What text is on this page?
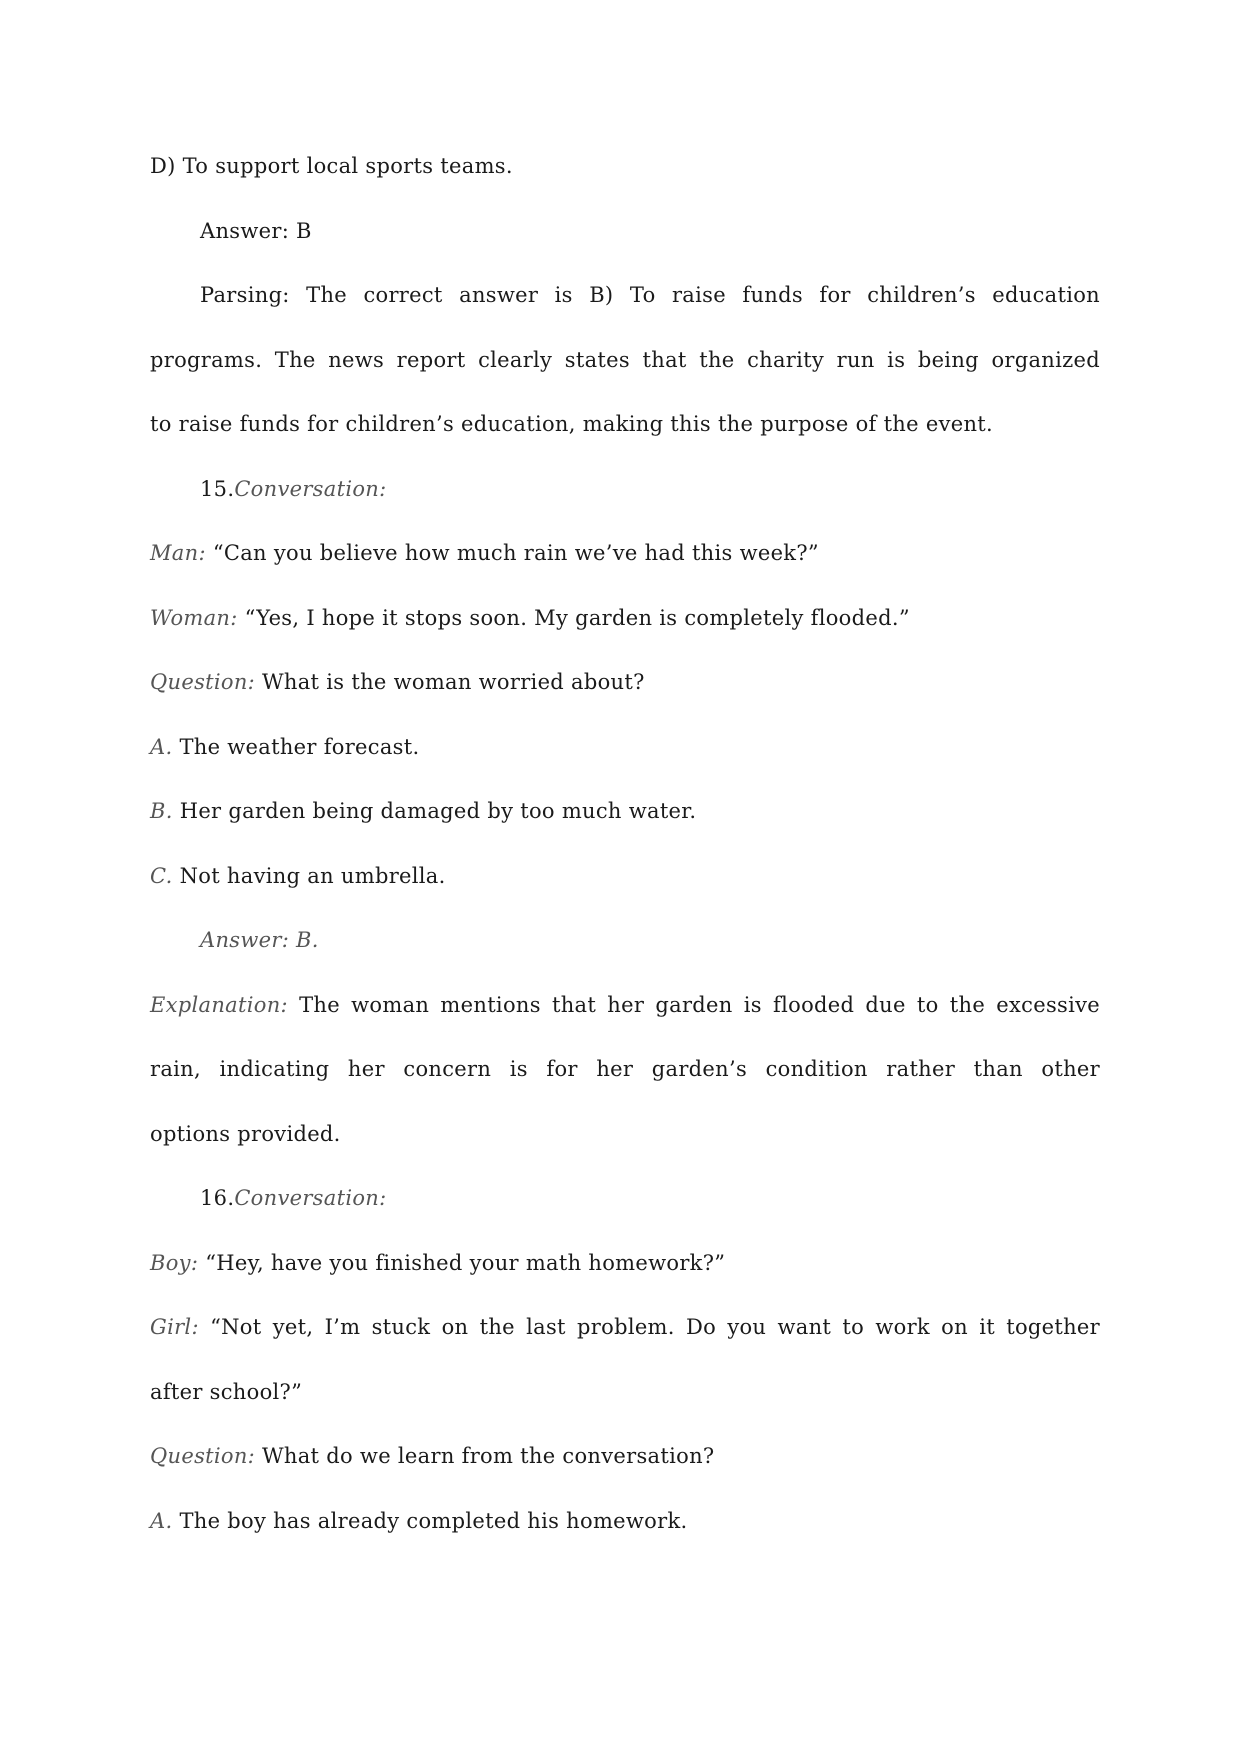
D) To support local sports teams.
Answer: B
Parsing: The correct answer is B) To raise funds for children’s education
programs. The news report clearly states that the charity run is being organized
to raise funds for children’s education, making this the purpose of the event.
15.Conversation:
Man: “Can you believe how much rain we’ve had this week?”
Woman: “Yes, I hope it stops soon. My garden is completely flooded.”
Question: What is the woman worried about?
A. The weather forecast.
B. Her garden being damaged by too much water.
C. Not having an umbrella.
Answer: B.
Explanation: The woman mentions that her garden is flooded due to the excessive
rain, indicating her concern is for her garden’s condition rather than other
options provided.
16.Conversation:
Boy: “Hey, have you finished your math homework?”
Girl: “Not yet, I’m stuck on the last problem. Do you want to work on it together
after school?”
Question: What do we learn from the conversation?
A. The boy has already completed his homework.
